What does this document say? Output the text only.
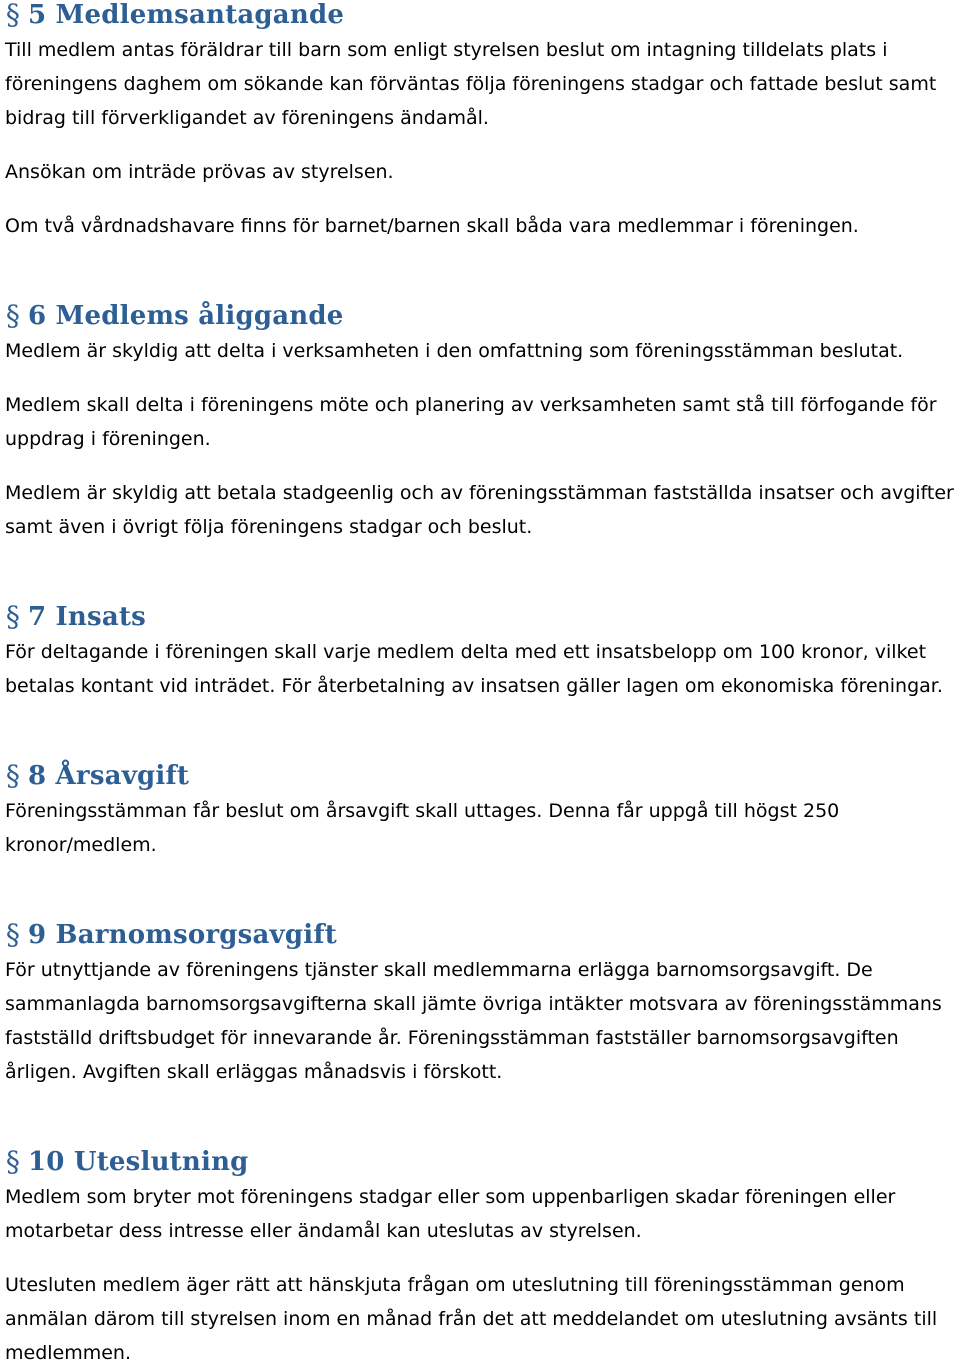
§ 5 Medlemsantagande

Till medlem antas föräldrar till barn som enligt styrelsen beslut om intagning tilldelats plats i föreningens daghem om sökande kan förväntas följa föreningens stadgar och fattade beslut samt bidrag till förverkligandet av föreningens ändamål.

Ansökan om inträde prövas av styrelsen.

Om två vårdnadshavare finns för barnet/barnen skall båda vara medlemmar i föreningen.

§ 6 Medlems åliggande

Medlem är skyldig att delta i verksamheten i den omfattning som föreningsstämman beslutat.

Medlem skall delta i föreningens möte och planering av verksamheten samt stå till förfogande för uppdrag i föreningen.

Medlem är skyldig att betala stadgeenlig och av föreningsstämman fastställda insatser och avgifter samt även i övrigt följa föreningens stadgar och beslut.

§ 7 Insats

För deltagande i föreningen skall varje medlem delta med ett insatsbelopp om 100 kronor, vilket betalas kontant vid inträdet. För återbetalning av insatsen gäller lagen om ekonomiska föreningar.

§ 8 Årsavgift

Föreningsstämman får beslut om årsavgift skall uttages. Denna får uppgå till högst 250 kronor/medlem.

§ 9 Barnomsorgsavgift

För utnyttjande av föreningens tjänster skall medlemmarna erlägga barnomsorgsavgift. De sammanlagda barnomsorgsavgifterna skall jämte övriga intäkter motsvara av föreningsstämmans fastställd driftsbudget för innevarande år. Föreningsstämman fastställer barnomsorgsavgiften årligen. Avgiften skall erläggas månadsvis i förskott.

§ 10 Uteslutning

Medlem som bryter mot föreningens stadgar eller som uppenbarligen skadar föreningen eller motarbetar dess intresse eller ändamål kan uteslutas av styrelsen.

Utesluten medlem äger rätt att hänskjuta frågan om uteslutning till föreningsstämman genom anmälan därom till styrelsen inom en månad från det att meddelandet om uteslutning avsänts till medlemmen.
